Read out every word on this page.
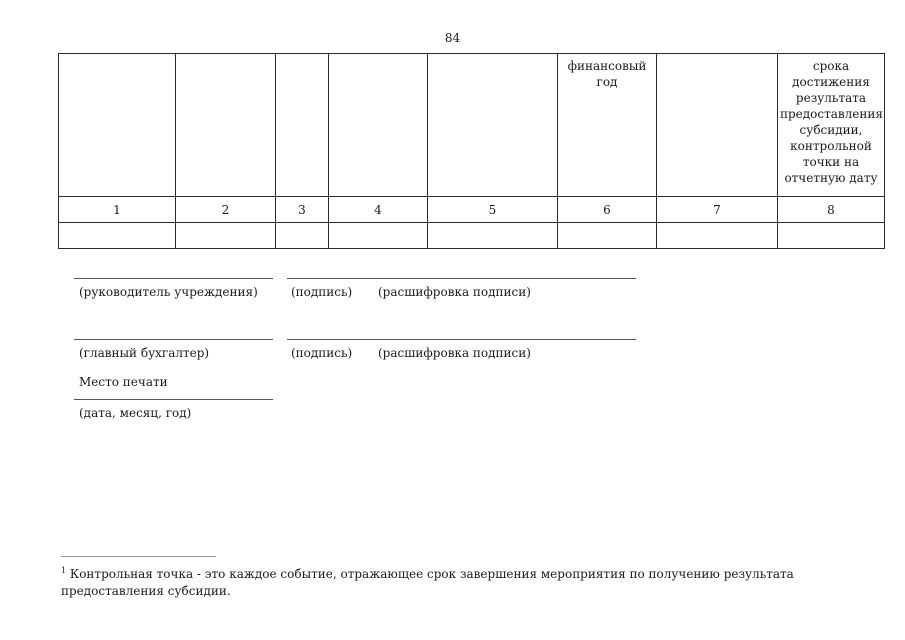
84
					финансовый год		срока достижения результата предоставления субсидии, контрольной точки на отчетную дату
1	2	3	4	5	6	7	8

(руководитель учреждения)	(подпись) (расшифровка подписи)
(главный бухгалтер)	(подпись) (расшифровка подписи)
Место печати
(дата, месяц, год)
$^1$ Контрольная точка - это каждое событие, отражающее срок завершения мероприятия по получению результата предоставления субсидии.
